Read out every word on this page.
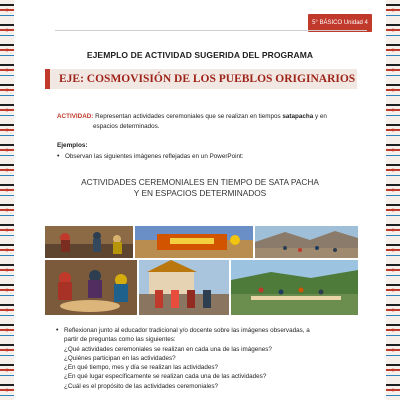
5° BÁSICO Unidad 4
EJEMPLO DE ACTIVIDAD SUGERIDA DEL PROGRAMA
EJE: COSMOVISIÓN DE LOS PUEBLOS ORIGINARIOS
ACTIVIDAD: Representan actividades ceremoniales que se realizan en tiempos satapacha y en
espacios determinados.
Ejemplos:
• Observan las siguientes imágenes reflejadas en un PowerPoint:
ACTIVIDADES CEREMONIALES EN TIEMPO DE SATA PACHA
Y EN ESPACIOS DETERMINADOS
• Reflexionan junto al educador tradicional y/o docente sobre las imágenes observadas, a
partir de preguntas como las siguientes:
¿Qué actividades ceremoniales se realizan en cada una de las imágenes?
¿Quiénes participan en las actividades?
¿En qué tiempo, mes y día se realizan las actividades?
¿En qué lugar específicamente se realizan cada una de las actividades?
¿Cuál es el propósito de las actividades ceremoniales?
